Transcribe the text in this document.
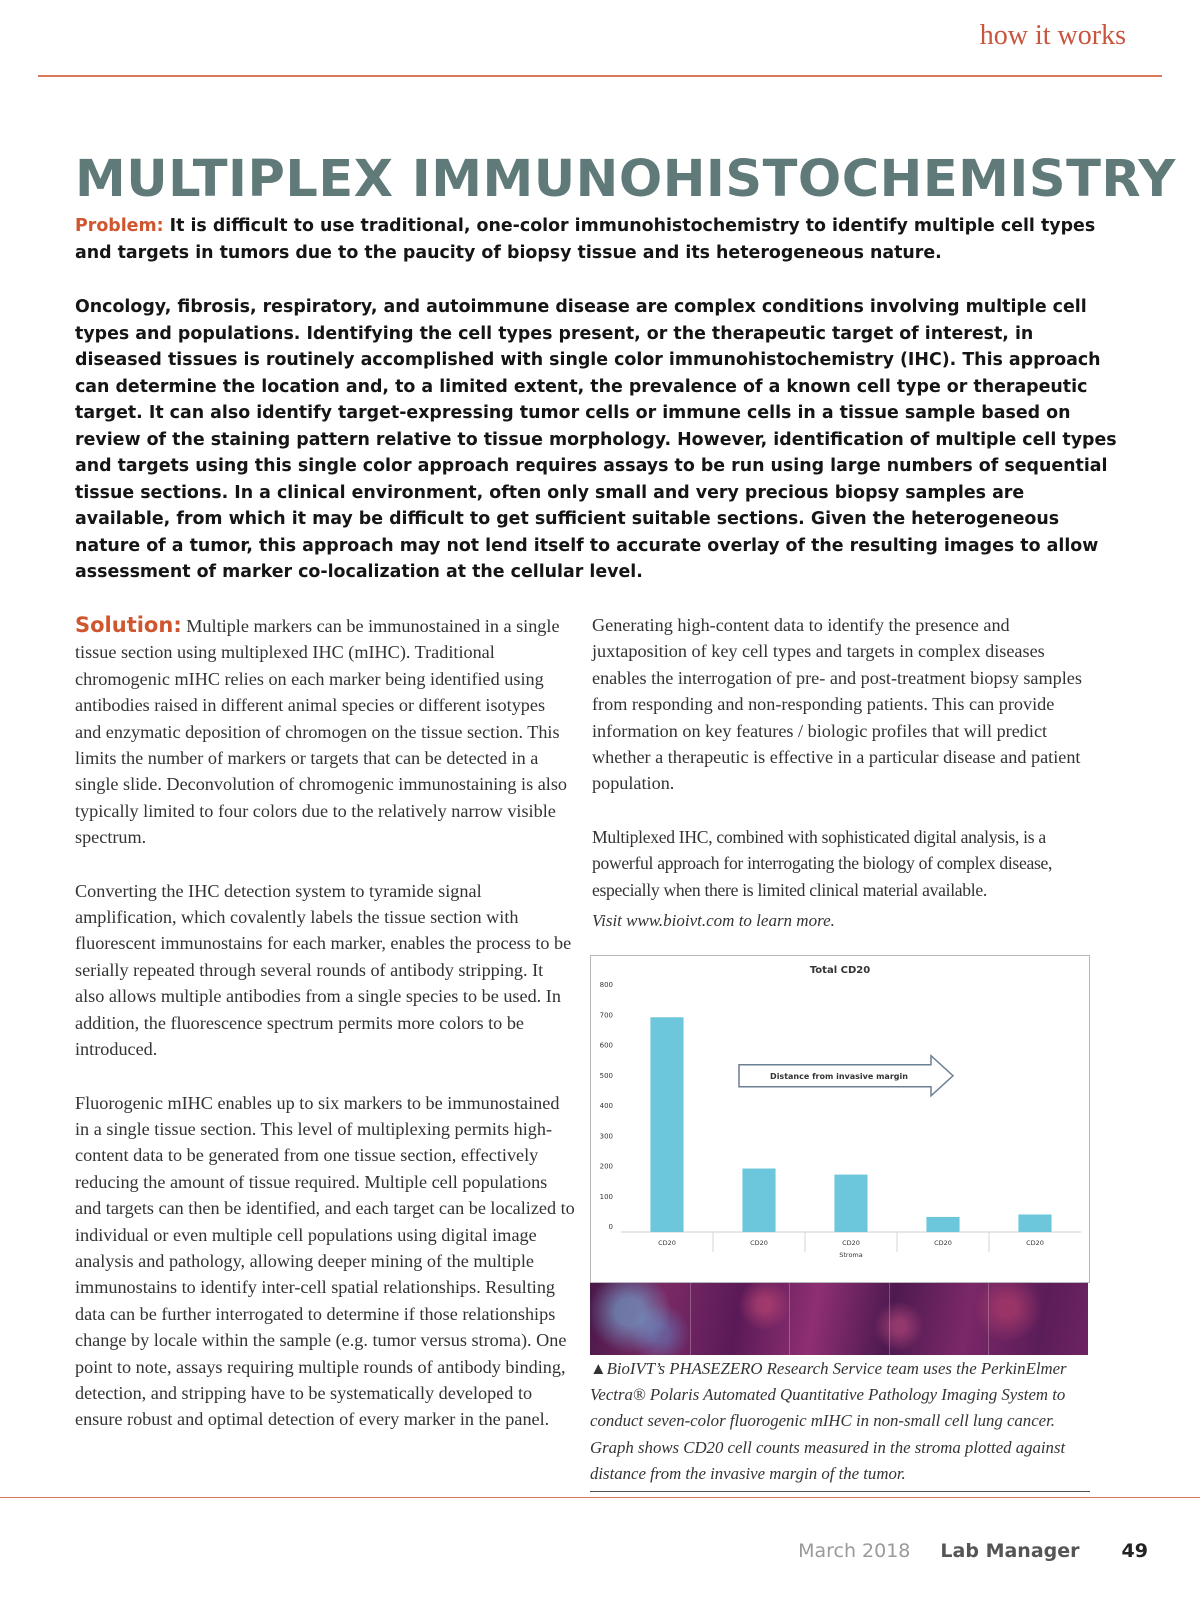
how it works
MULTIPLEX IMMUNOHISTOCHEMISTRY

Problem: It is difficult to use traditional, one-color immunohistochemistry to identify multiple cell types and targets in tumors due to the paucity of biopsy tissue and its heterogeneous nature.

Oncology, fibrosis, respiratory, and autoimmune disease are complex conditions involving multiple cell types and populations. Identifying the cell types present, or the therapeutic target of interest, in diseased tissues is routinely accomplished with single color immunohistochemistry (IHC). This approach can determine the location and, to a limited extent, the prevalence of a known cell type or therapeutic target. It can also identify target-expressing tumor cells or immune cells in a tissue sample based on review of the staining pattern relative to tissue morphology. However, identification of multiple cell types and targets using this single color approach requires assays to be run using large numbers of sequential tissue sections. In a clinical environment, often only small and very precious biopsy samples are available, from which it may be difficult to get sufficient suitable sections. Given the heterogeneous nature of a tumor, this approach may not lend itself to accurate overlay of the resulting images to allow assessment of marker co-localization at the cellular level.

Solution: Multiple markers can be immunostained in a single tissue section using multiplexed IHC (mIHC). Traditional chromogenic mIHC relies on each marker being identified using antibodies raised in different animal species or different isotypes and enzymatic deposition of chromogen on the tissue section. This limits the number of markers or targets that can be detected in a single slide. Deconvolution of chromogenic immunostaining is also typically limited to four colors due to the relatively narrow visible spectrum.

Converting the IHC detection system to tyramide signal amplification, which covalently labels the tissue section with fluorescent immunostains for each marker, enables the process to be serially repeated through several rounds of antibody stripping. It also allows multiple antibodies from a single species to be used. In addition, the fluorescence spectrum permits more colors to be introduced.

Fluorogenic mIHC enables up to six markers to be immunostained in a single tissue section. This level of multiplexing permits high-content data to be generated from one tissue section, effectively reducing the amount of tissue required. Multiple cell populations and targets can then be identified, and each target can be localized to individual or even multiple cell populations using digital image analysis and pathology, allowing deeper mining of the multiple immunostains to identify inter-cell spatial relationships. Resulting data can be further interrogated to determine if those relationships change by locale within the sample (e.g. tumor versus stroma). One point to note, assays requiring multiple rounds of antibody binding, detection, and stripping have to be systematically developed to ensure robust and optimal detection of every marker in the panel.

Generating high-content data to identify the presence and juxtaposition of key cell types and targets in complex diseases enables the interrogation of pre- and post-treatment biopsy samples from responding and non-responding patients. This can provide information on key features / biologic profiles that will predict whether a therapeutic is effective in a particular disease and patient population.

Multiplexed IHC, combined with sophisticated digital analysis, is a powerful approach for interrogating the biology of complex disease, especially when there is limited clinical material available.

Visit www.bioivt.com to learn more.

Total CD20
0
100
200
300
400
500
600
700
800
CD20	CD20	CD20	CD20	CD20
Stroma
Distance from invasive margin

▲BioIVT’s PHASEZERO Research Service team uses the PerkinElmer Vectra® Polaris Automated Quantitative Pathology Imaging System to conduct seven-color fluorogenic mIHC in non-small cell lung cancer. Graph shows CD20 cell counts measured in the stroma plotted against distance from the invasive margin of the tumor.

March 2018 Lab Manager 49
